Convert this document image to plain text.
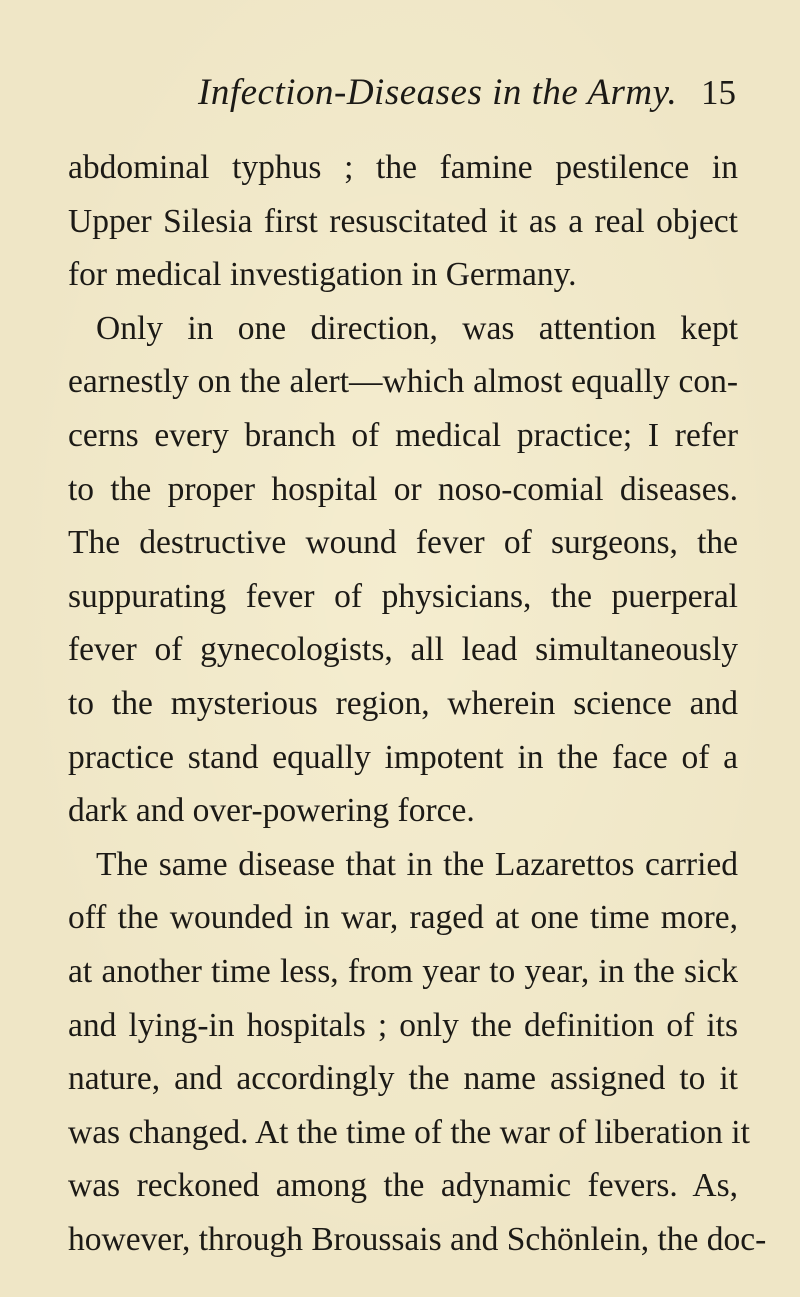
Infection-Diseases in the Army. 15
abdominal typhus ; the famine pestilence in
Upper Silesia first resuscitated it as a real object
for medical investigation in Germany.
Only in one direction, was attention kept
earnestly on the alert—which almost equally con-
cerns every branch of medical practice; I refer
to the proper hospital or noso-comial diseases.
The destructive wound fever of surgeons, the
suppurating fever of physicians, the puerperal
fever of gynecologists, all lead simultaneously
to the mysterious region, wherein science and
practice stand equally impotent in the face of a
dark and over-powering force.
The same disease that in the Lazarettos carried
off the wounded in war, raged at one time more,
at another time less, from year to year, in the sick
and lying-in hospitals ; only the definition of its
nature, and accordingly the name assigned to it
was changed. At the time of the war of liberation it
was reckoned among the adynamic fevers. As,
however, through Broussais and Schönlein, the doc-
